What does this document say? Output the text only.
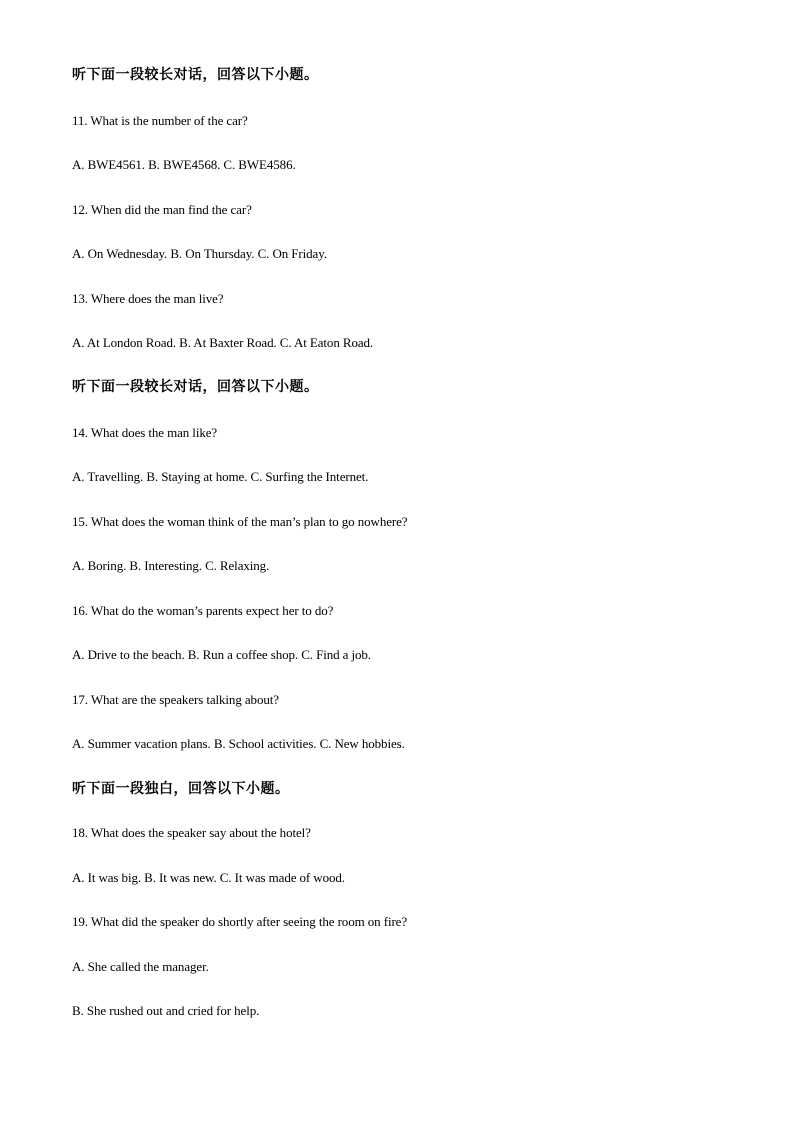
听下面一段较长对话，回答以下小题。
11. What is the number of the car?
A. BWE4561. B. BWE4568. C. BWE4586.
12. When did the man find the car?
A. On Wednesday. B. On Thursday. C. On Friday.
13. Where does the man live?
A. At London Road. B. At Baxter Road. C. At Eaton Road.
听下面一段较长对话，回答以下小题。
14. What does the man like?
A. Travelling. B. Staying at home. C. Surfing the Internet.
15. What does the woman think of the man’s plan to go nowhere?
A. Boring. B. Interesting. C. Relaxing.
16. What do the woman’s parents expect her to do?
A. Drive to the beach. B. Run a coffee shop. C. Find a job.
17. What are the speakers talking about?
A. Summer vacation plans. B. School activities. C. New hobbies.
听下面一段独白，回答以下小题。
18. What does the speaker say about the hotel?
A. It was big. B. It was new. C. It was made of wood.
19. What did the speaker do shortly after seeing the room on fire?
A. She called the manager.
B. She rushed out and cried for help.
